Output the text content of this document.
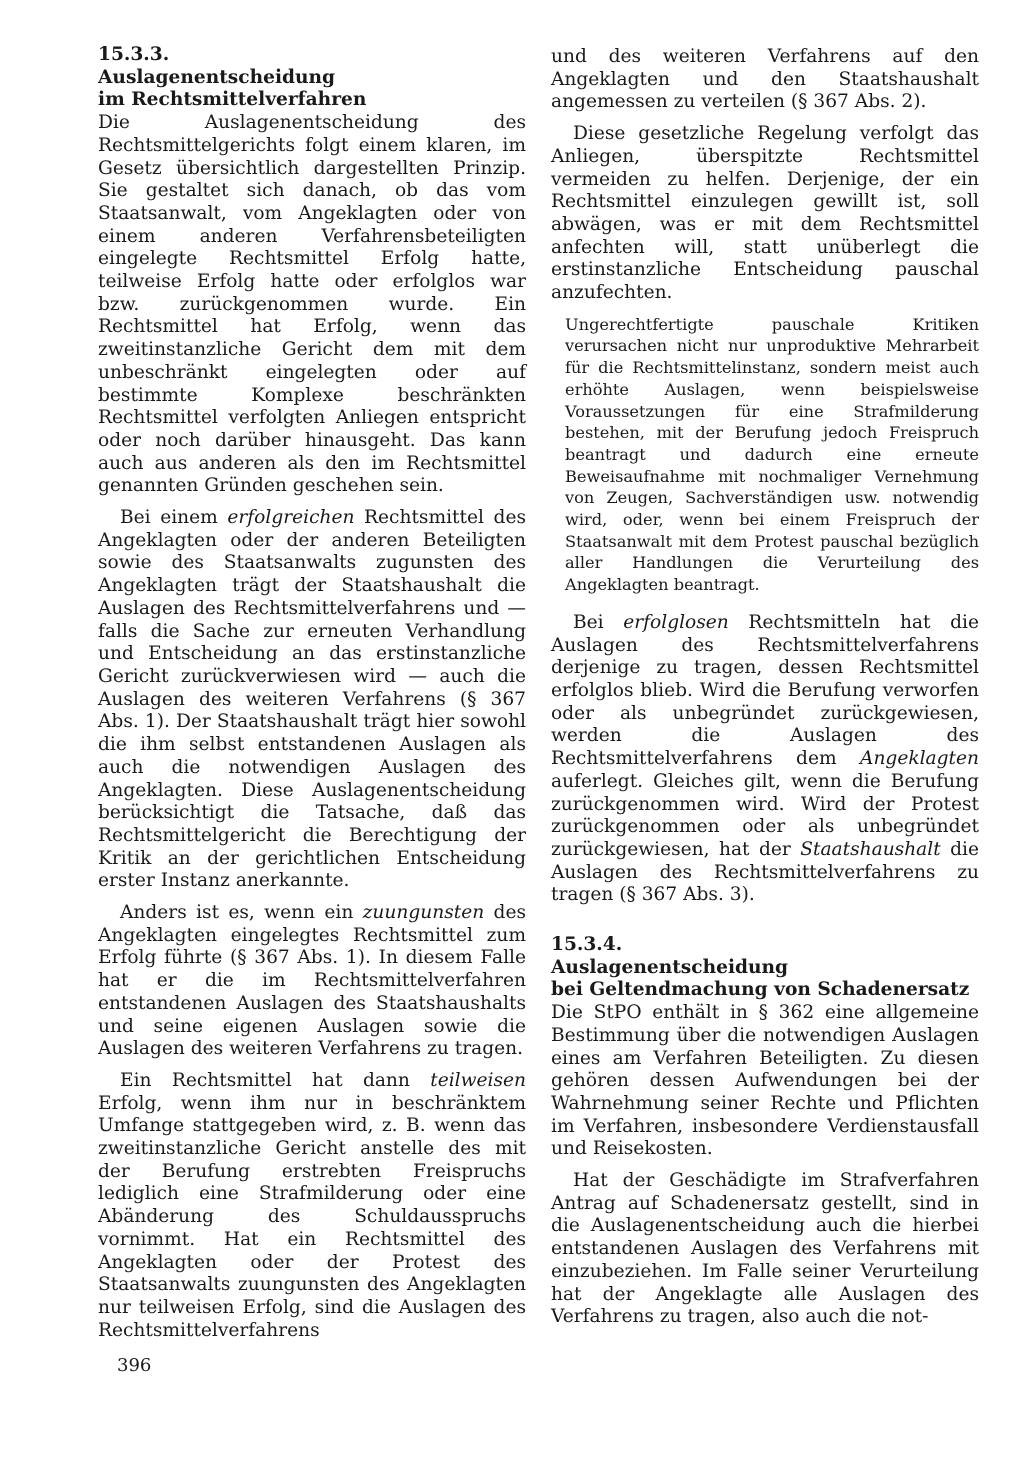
15.3.3.
Auslagenentscheidung
im Rechtsmittelverfahren

Die Auslagenentscheidung des Rechtsmittelgerichts folgt einem klaren, im Gesetz übersichtlich dargestellten Prinzip. Sie gestaltet sich danach, ob das vom Staatsanwalt, vom Angeklagten oder von einem anderen Verfahrensbeteiligten eingelegte Rechtsmittel Erfolg hatte, teilweise Erfolg hatte oder erfolglos war bzw. zurückgenommen wurde. Ein Rechtsmittel hat Erfolg, wenn das zweitinstanzliche Gericht dem mit dem unbeschränkt eingelegten oder auf bestimmte Komplexe beschränkten Rechtsmittel verfolgten Anliegen entspricht oder noch darüber hinausgeht. Das kann auch aus anderen als den im Rechtsmittel genannten Gründen geschehen sein.

Bei einem erfolgreichen Rechtsmittel des Angeklagten oder der anderen Beteiligten sowie des Staatsanwalts zugunsten des Angeklagten trägt der Staatshaushalt die Auslagen des Rechtsmittelverfahrens und — falls die Sache zur erneuten Verhandlung und Entscheidung an das erstinstanzliche Gericht zurückverwiesen wird — auch die Auslagen des weiteren Verfahrens (§ 367 Abs. 1). Der Staatshaushalt trägt hier sowohl die ihm selbst entstandenen Auslagen als auch die notwendigen Auslagen des Angeklagten. Diese Auslagenentscheidung berücksichtigt die Tatsache, daß das Rechtsmittelgericht die Berechtigung der Kritik an der gerichtlichen Entscheidung erster Instanz anerkannte.

Anders ist es, wenn ein zuungunsten des Angeklagten eingelegtes Rechtsmittel zum Erfolg führte (§ 367 Abs. 1). In diesem Falle hat er die im Rechtsmittelverfahren entstandenen Auslagen des Staatshaushalts und seine eigenen Auslagen sowie die Auslagen des weiteren Verfahrens zu tragen.

Ein Rechtsmittel hat dann teilweisen Erfolg, wenn ihm nur in beschränktem Umfange stattgegeben wird, z. B. wenn das zweitinstanzliche Gericht anstelle des mit der Berufung erstrebten Freispruchs lediglich eine Strafmilderung oder eine Abänderung des Schuldausspruchs vornimmt. Hat ein Rechtsmittel des Angeklagten oder der Protest des Staatsanwalts zuungunsten des Angeklagten nur teilweisen Erfolg, sind die Auslagen des Rechtsmittelverfahrens

und des weiteren Verfahrens auf den Angeklagten und den Staatshaushalt angemessen zu verteilen (§ 367 Abs. 2).

Diese gesetzliche Regelung verfolgt das Anliegen, überspitzte Rechtsmittel vermeiden zu helfen. Derjenige, der ein Rechtsmittel einzulegen gewillt ist, soll abwägen, was er mit dem Rechtsmittel anfechten will, statt unüberlegt die erstinstanzliche Entscheidung pauschal anzufechten.

Ungerechtfertigte pauschale Kritiken verursachen nicht nur unproduktive Mehrarbeit für die Rechtsmittelinstanz, sondern meist auch erhöhte Auslagen, wenn beispielsweise Voraussetzungen für eine Strafmilderung bestehen, mit der Berufung jedoch Freispruch beantragt und dadurch eine erneute Beweisaufnahme mit nochmaliger Vernehmung von Zeugen, Sachverständigen usw. notwendig wird, oder, wenn bei einem Freispruch der Staatsanwalt mit dem Protest pauschal bezüglich aller Handlungen die Verurteilung des Angeklagten beantragt.

Bei erfolglosen Rechtsmitteln hat die Auslagen des Rechtsmittelverfahrens derjenige zu tragen, dessen Rechtsmittel erfolglos blieb. Wird die Berufung verworfen oder als unbegründet zurückgewiesen, werden die Auslagen des Rechtsmittelverfahrens dem Angeklagten auferlegt. Gleiches gilt, wenn die Berufung zurückgenommen wird. Wird der Protest zurückgenommen oder als unbegründet zurückgewiesen, hat der Staatshaushalt die Auslagen des Rechtsmittelverfahrens zu tragen (§ 367 Abs. 3).

15.3.4.
Auslagenentscheidung
bei Geltendmachung von Schadenersatz

Die StPO enthält in § 362 eine allgemeine Bestimmung über die notwendigen Auslagen eines am Verfahren Beteiligten. Zu diesen gehören dessen Aufwendungen bei der Wahrnehmung seiner Rechte und Pflichten im Verfahren, insbesondere Verdienstausfall und Reisekosten.

Hat der Geschädigte im Strafverfahren Antrag auf Schadenersatz gestellt, sind in die Auslagenentscheidung auch die hierbei entstandenen Auslagen des Verfahrens mit einzubeziehen. Im Falle seiner Verurteilung hat der Angeklagte alle Auslagen des Verfahrens zu tragen, also auch die not-

396
